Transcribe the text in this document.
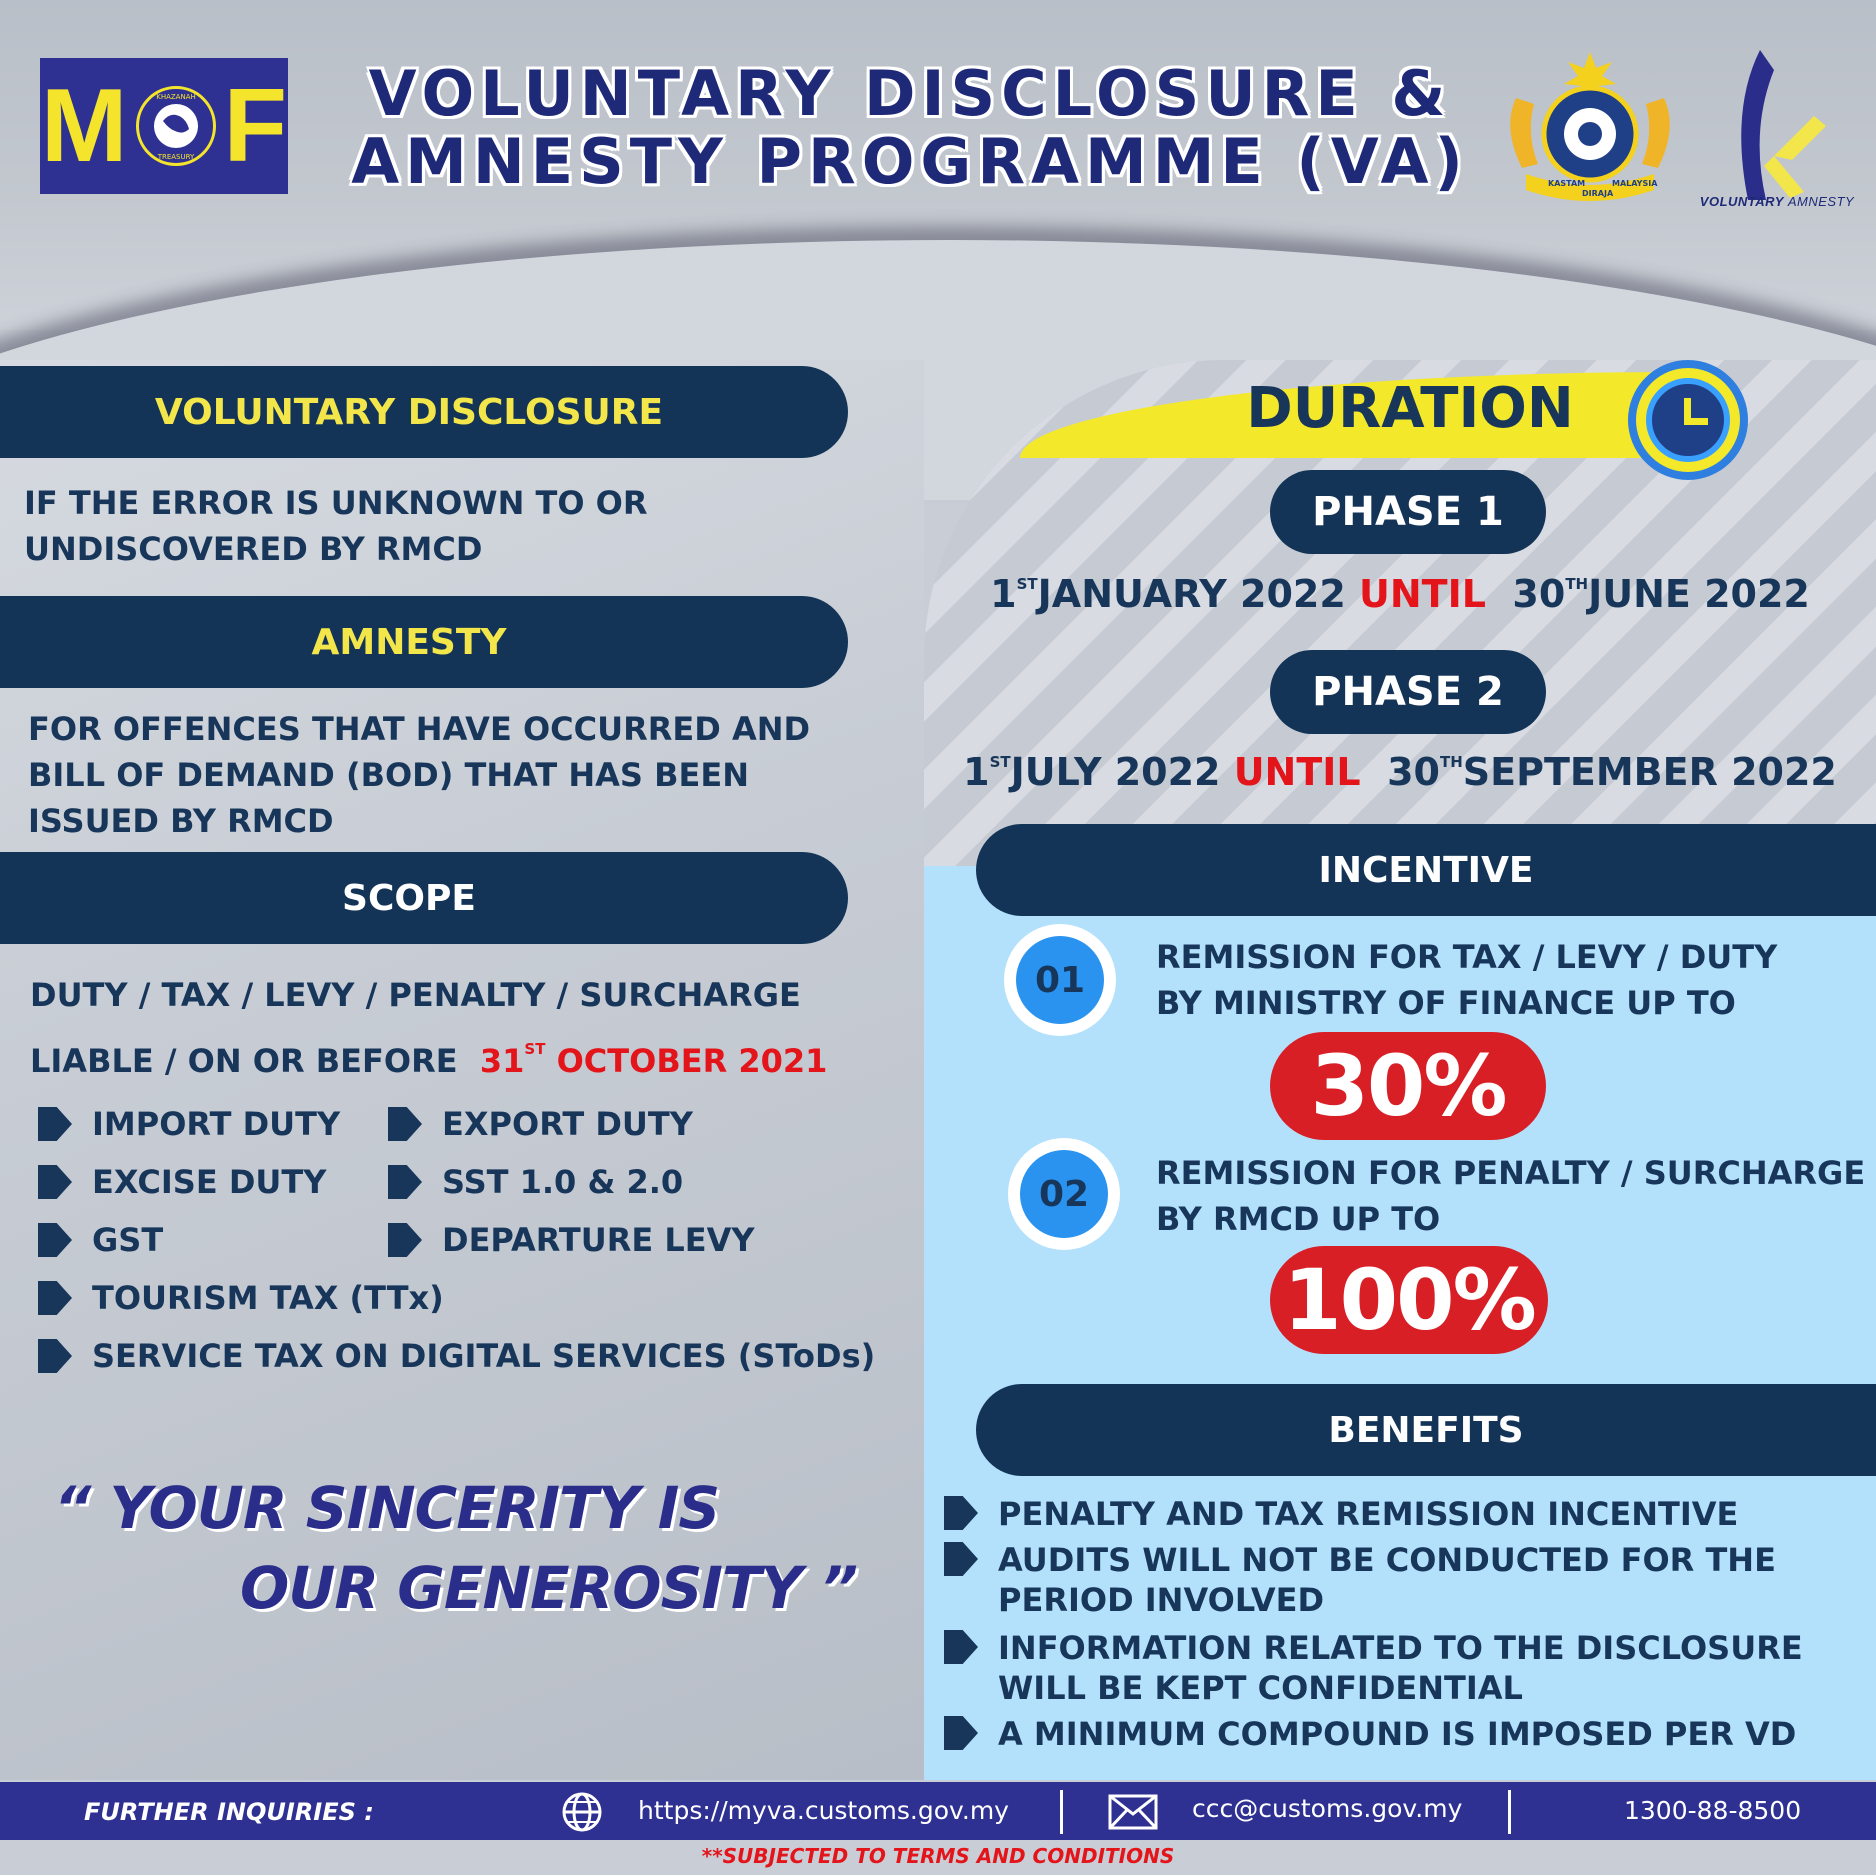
M	KHAZANAH
TREASURY F	VOLUNTARY DISCLOSURE &
AMNESTY PROGRAMME (VA)	KASTAM
DIRAJA
MALAYSIA
VOLUNTARY AMNESTY
VOLUNTARY DISCLOSURE
IF THE ERROR IS UNKNOWN TO OR
UNDISCOVERED BY RMCD
AMNESTY
FOR OFFENCES THAT HAVE OCCURRED AND
BILL OF DEMAND (BOD) THAT HAS BEEN
ISSUED BY RMCD
SCOPE
DUTY / TAX / LEVY / PENALTY / SURCHARGE
LIABLE / ON OR BEFORE 31ST OCTOBER 2021
IMPORT DUTY	EXPORT DUTY
EXCISE DUTY	SST 1.0 & 2.0
GST	DEPARTURE LEVY
TOURISM TAX (TTx)
SERVICE TAX ON DIGITAL SERVICES (SToDs)
“ YOUR SINCERITY IS
OUR GENEROSITY ”
DURATION
PHASE 1
1STJANUARY 2022 UNTIL 30THJUNE 2022
PHASE 2
1STJULY 2022 UNTIL 30THSEPTEMBER 2022
INCENTIVE
01
REMISSION FOR TAX / LEVY / DUTY
BY MINISTRY OF FINANCE UP TO
30%
02
REMISSION FOR PENALTY / SURCHARGE
BY RMCD UP TO
100%
BENEFITS
PENALTY AND TAX REMISSION INCENTIVE
AUDITS WILL NOT BE CONDUCTED FOR THE
PERIOD INVOLVED
INFORMATION RELATED TO THE DISCLOSURE
WILL BE KEPT CONFIDENTIAL
A MINIMUM COMPOUND IS IMPOSED PER VD
FURTHER INQUIRIES :	https://myva.customs.gov.my	ccc@customs.gov.my	1300-88-8500
**SUBJECTED TO TERMS AND CONDITIONS
